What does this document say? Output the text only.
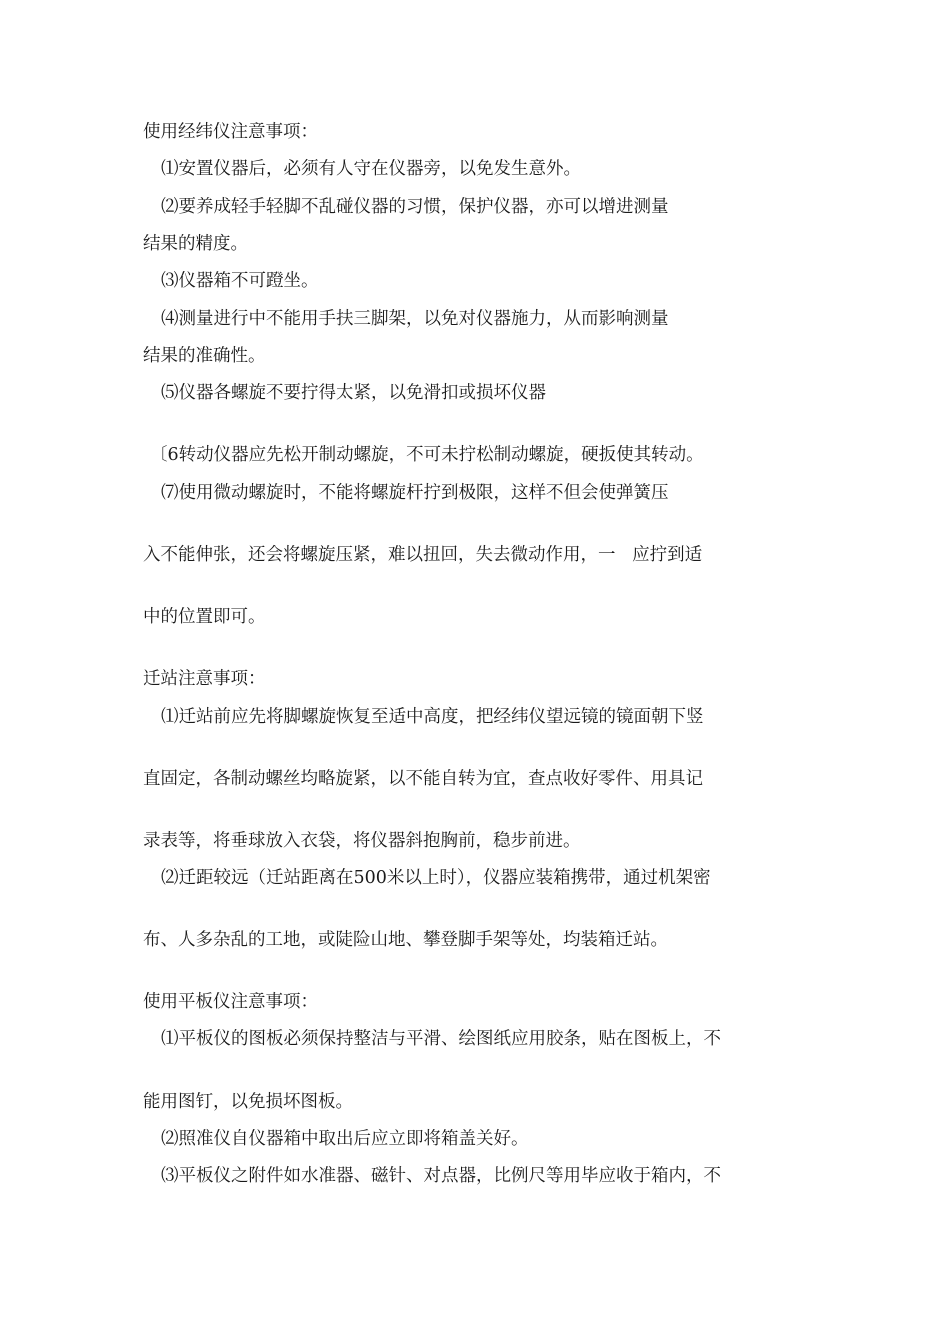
使用经纬仪注意事项：
⑴安置仪器后，必须有人守在仪器旁，以免发生意外。
⑵要养成轻手轻脚不乱碰仪器的习惯，保护仪器，亦可以增进测量
结果的精度。
⑶仪器箱不可蹬坐。
⑷测量进行中不能用手扶三脚架，以免对仪器施力，从而影响测量
结果的准确性。
⑸仪器各螺旋不要拧得太紧，以免滑扣或损坏仪器
〔6转动仪器应先松开制动螺旋，不可未拧松制动螺旋，硬扳使其转动。
⑺使用微动螺旋时，不能将螺旋杆拧到极限，这样不但会使弹簧压
入不能伸张，还会将螺旋压紧，难以扭回，失去微动作用，一   应拧到适
中的位置即可。
迁站注意事项：
⑴迁站前应先将脚螺旋恢复至适中高度，把经纬仪望远镜的镜面朝下竖
直固定，各制动螺丝均略旋紧，以不能自转为宜，查点收好零件、用具记
录表等，将垂球放入衣袋，将仪器斜抱胸前，稳步前进。
⑵迁距较远（迁站距离在500米以上时），仪器应装箱携带，通过机架密
布、人多杂乱的工地，或陡险山地、攀登脚手架等处，均装箱迁站。
使用平板仪注意事项：
⑴平板仪的图板必须保持整洁与平滑、绘图纸应用胶条，贴在图板上，不
能用图钉，以免损坏图板。
⑵照准仪自仪器箱中取出后应立即将箱盖关好。
⑶平板仪之附件如水准器、磁针、对点器，比例尺等用毕应收于箱内，不
